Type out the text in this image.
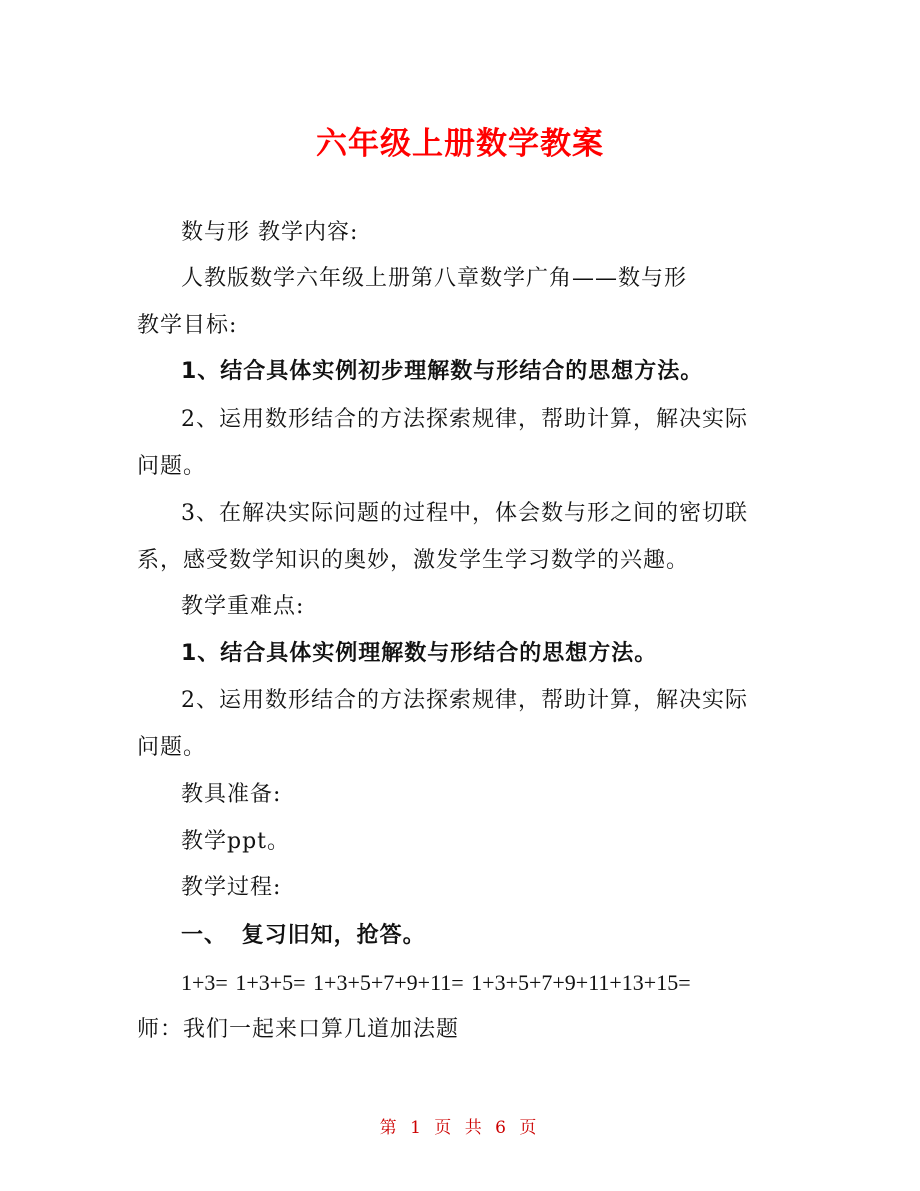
六年级上册数学教案
数与形 教学内容:
人教版数学六年级上册第八章数学广角——数与形
教学目标:
1、结合具体实例初步理解数与形结合的思想方法。
2、运用数形结合的方法探索规律，帮助计算，解决实际
问题。
3、在解决实际问题的过程中，体会数与形之间的密切联
系，感受数学知识的奥妙，激发学生学习数学的兴趣。
教学重难点:
1、结合具体实例理解数与形结合的思想方法。
2、运用数形结合的方法探索规律，帮助计算，解决实际
问题。
教具准备:
教学ppt。
教学过程:
一、 复习旧知，抢答。
1+3= 1+3+5= 1+3+5+7+9+11= 1+3+5+7+9+11+13+15=
师：我们一起来口算几道加法题
第 1 页 共 6 页
